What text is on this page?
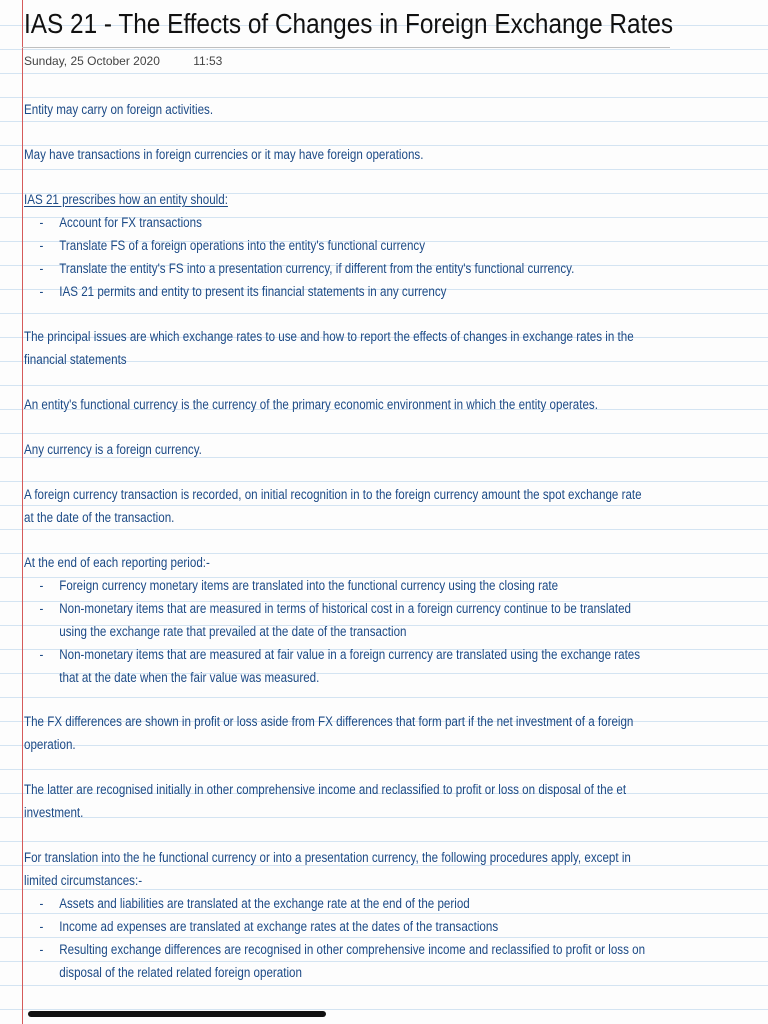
IAS 21 - The Effects of Changes in Foreign Exchange Rates
Sunday, 25 October 2020	11:53
Entity may carry on foreign activities.
May have transactions in foreign currencies or it may have foreign operations.
IAS 21 prescribes how an entity should:
- Account for FX transactions
- Translate FS of a foreign operations into the entity's functional currency
- Translate the entity's FS into a presentation currency, if different from the entity's functional currency.
- IAS 21 permits and entity to present its financial statements in any currency
The principal issues are which exchange rates to use and how to report the effects of changes in exchange rates in the
financial statements
An entity's functional currency is the currency of the primary economic environment in which the entity operates.
Any currency is a foreign currency.
A foreign currency transaction is recorded, on initial recognition in to the foreign currency amount the spot exchange rate
at the date of the transaction.
At the end of each reporting period:-
- Foreign currency monetary items are translated into the functional currency using the closing rate
- Non-monetary items that are measured in terms of historical cost in a foreign currency continue to be translated
using the exchange rate that prevailed at the date of the transaction
- Non-monetary items that are measured at fair value in a foreign currency are translated using the exchange rates
that at the date when the fair value was measured.
The FX differences are shown in profit or loss aside from FX differences that form part if the net investment of a foreign
operation.
The latter are recognised initially in other comprehensive income and reclassified to profit or loss on disposal of the et
investment.
For translation into the he functional currency or into a presentation currency, the following procedures apply, except in
limited circumstances:-
- Assets and liabilities are translated at the exchange rate at the end of the period
- Income ad expenses are translated at exchange rates at the dates of the transactions
- Resulting exchange differences are recognised in other comprehensive income and reclassified to profit or loss on
disposal of the related related foreign operation
